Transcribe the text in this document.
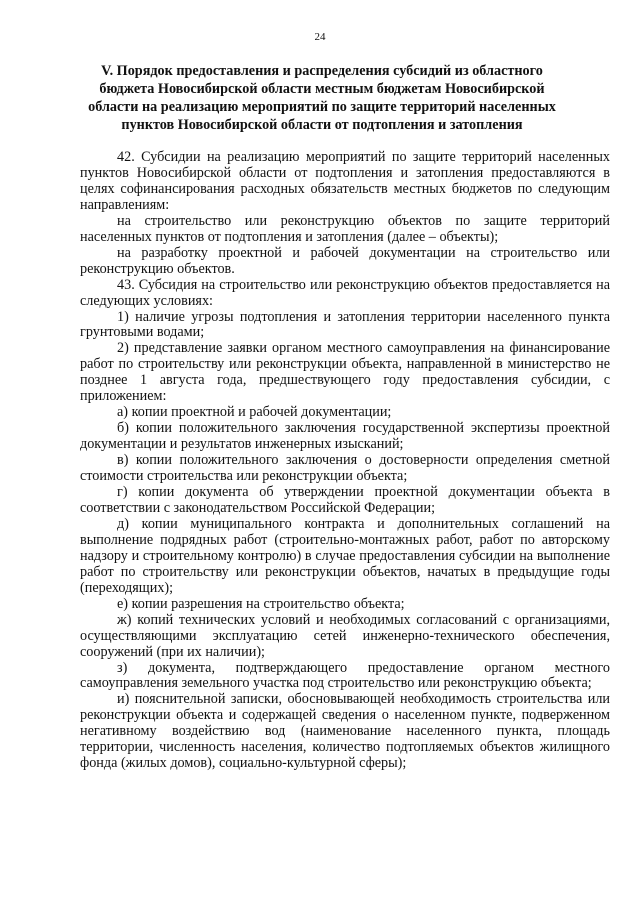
24
V. Порядок предоставления и распределения субсидий из областного бюджета Новосибирской области местным бюджетам Новосибирской области на реализацию мероприятий по защите территорий населенных пунктов Новосибирской области от подтопления и затопления

42. Субсидии на реализацию мероприятий по защите территорий населенных пунктов Новосибирской области от подтопления и затопления предоставляются в целях софинансирования расходных обязательств местных бюджетов по следующим направлениям:

на строительство или реконструкцию объектов по защите территорий населенных пунктов от подтопления и затопления (далее – объекты);

на разработку проектной и рабочей документации на строительство или реконструкцию объектов.

43. Субсидия на строительство или реконструкцию объектов предоставляется на следующих условиях:

1) наличие угрозы подтопления и затопления территории населенного пункта грунтовыми водами;

2) представление заявки органом местного самоуправления на финансирование работ по строительству или реконструкции объекта, направленной в министерство не позднее 1 августа года, предшествующего году предоставления субсидии, с приложением:

а) копии проектной и рабочей документации;

б) копии положительного заключения государственной экспертизы проектной документации и результатов инженерных изысканий;

в) копии положительного заключения о достоверности определения сметной стоимости строительства или реконструкции объекта;

г) копии документа об утверждении проектной документации объекта в соответствии с законодательством Российской Федерации;

д) копии муниципального контракта и дополнительных соглашений на выполнение подрядных работ (строительно-монтажных работ, работ по авторскому надзору и строительному контролю) в случае предоставления субсидии на выполнение работ по строительству или реконструкции объектов, начатых в предыдущие годы (переходящих);

е) копии разрешения на строительство объекта;

ж) копий технических условий и необходимых согласований с организациями, осуществляющими эксплуатацию сетей инженерно-технического обеспечения, сооружений (при их наличии);

з) документа, подтверждающего предоставление органом местного самоуправления земельного участка под строительство или реконструкцию объекта;

и) пояснительной записки, обосновывающей необходимость строительства или реконструкции объекта и содержащей сведения о населенном пункте, подверженном негативному воздействию вод (наименование населенного пункта, площадь территории, численность населения, количество подтопляемых объектов жилищного фонда (жилых домов), социально-культурной сферы);
